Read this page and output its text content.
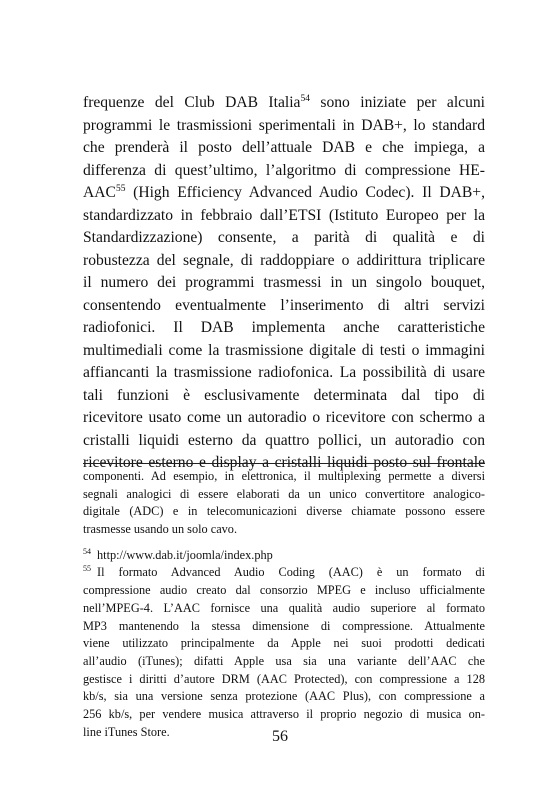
frequenze del Club DAB Italia$^{54}$ sono iniziate per alcuni
programmi le trasmissioni sperimentali in DAB+, lo standard
che prenderà il posto dell’attuale DAB e che impiega, a
differenza di quest’ultimo, l’algoritmo di compressione HE-
AAC$^{55}$ (High Efficiency Advanced Audio Codec). Il DAB+,
standardizzato in febbraio dall’ETSI (Istituto Europeo per la
Standardizzazione) consente, a parità di qualità e di
robustezza del segnale, di raddoppiare o addirittura triplicare
il numero dei programmi trasmessi in un singolo bouquet,
consentendo eventualmente l’inserimento di altri servizi
radiofonici. Il DAB implementa anche caratteristiche
multimediali come la trasmissione digitale di testi o immagini
affiancanti la trasmissione radiofonica. La possibilità di usare
tali funzioni è esclusivamente determinata dal tipo di
ricevitore usato come un autoradio o ricevitore con schermo a
cristalli liquidi esterno da quattro pollici, un autoradio con
ricevitore esterno e display a cristalli liquidi posto sul frontale
componenti. Ad esempio, in elettronica, il multiplexing permette a diversi
segnali analogici di essere elaborati da un unico convertitore analogico-
digitale (ADC) e in telecomunicazioni diverse chiamate possono essere
trasmesse usando un solo cavo.
$^{54}$ http://www.dab.it/joomla/index.php
$^{55}$ Il formato Advanced Audio Coding (AAC) è un formato di
compressione audio creato dal consorzio MPEG e incluso ufficialmente
nell’MPEG-4. L’AAC fornisce una qualità audio superiore al formato
MP3 mantenendo la stessa dimensione di compressione. Attualmente
viene utilizzato principalmente da Apple nei suoi prodotti dedicati
all’audio (iTunes); difatti Apple usa sia una variante dell’AAC che
gestisce i diritti d’autore DRM (AAC Protected), con compressione a 128
kb/s, sia una versione senza protezione (AAC Plus), con compressione a
256 kb/s, per vendere musica attraverso il proprio negozio di musica on-
line iTunes Store.	56
